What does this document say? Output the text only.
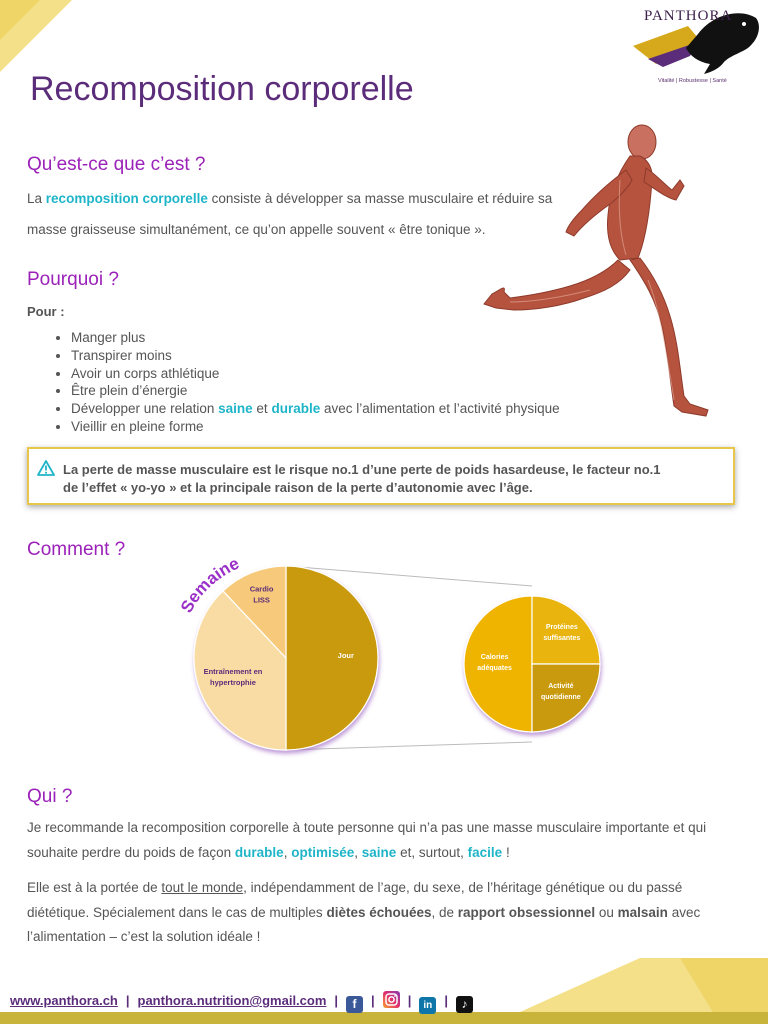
PANTHORA
Vitalité | Robustesse | Santé
Recomposition corporelle
Qu’est-ce que c’est ?
La recomposition corporelle consiste à développer sa masse musculaire et réduire sa
masse graisseuse simultanément, ce qu’on appelle souvent « être tonique ».
Pourquoi ?
Pour :
• Manger plus
• Transpirer moins
• Avoir un corps athlétique
• Être plein d’énergie
• Développer une relation saine et durable avec l’alimentation et l’activité physique
• Vieillir en pleine forme
La perte de masse musculaire est le risque no.1 d’une perte de poids hasardeuse, le facteur no.1
de l’effet « yo-yo » et la principale raison de la perte d’autonomie avec l’âge.
Comment ?
Jour
Entraînement en hypertrophie
Cardio LISS
Calories adéquates
Protéines suffisantes
Activité quotidienne
Semaine
Qui ?
Je recommande la recomposition corporelle à toute personne qui n’a pas une masse musculaire importante et qui
souhaite perdre du poids de façon durable, optimisée, saine et, surtout, facile !
Elle est à la portée de tout le monde, indépendamment de l’age, du sexe, de l’héritage génétique ou du passé
diététique. Spécialement dans le cas de multiples diètes échouées, de rapport obsessionnel ou malsain avec
l’alimentation – c’est la solution idéale !
www.panthora.ch | panthora.nutrition@gmail.com | f |	| in | ♪
